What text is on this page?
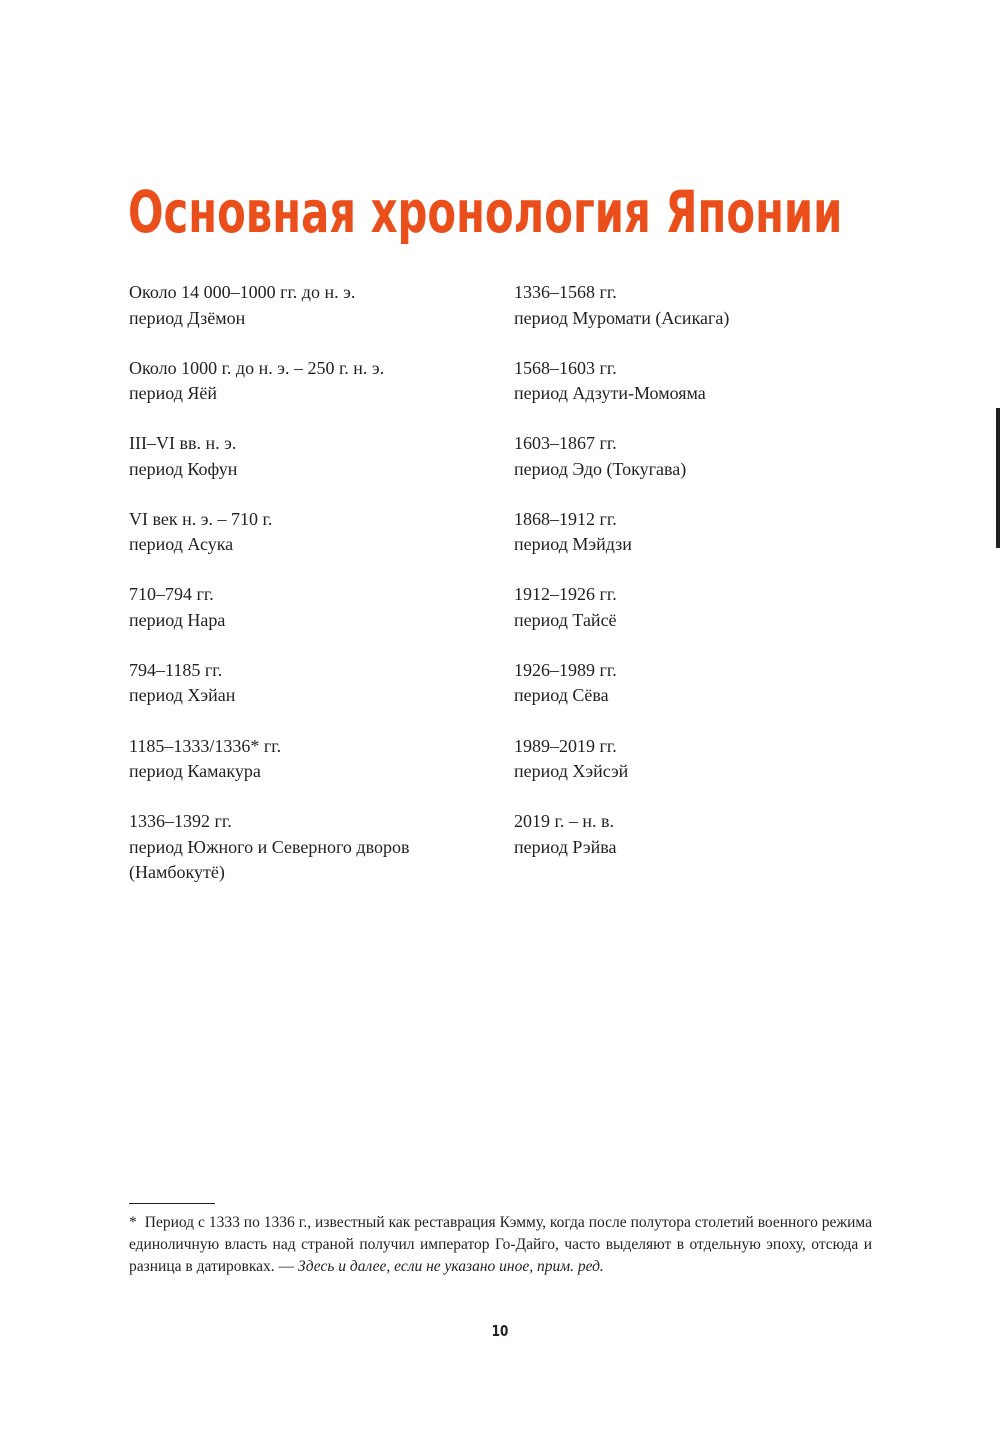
Основная хронология Японии
Около 14 000–1000 гг. до н. э.
период Дзёмон
Около 1000 г. до н. э. – 250 г. н. э.
период Яёй
III–VI вв. н. э.
период Кофун
VI век н. э. – 710 г.
период Асука
710–794 гг.
период Нара
794–1185 гг.
период Хэйан
1185–1333/1336* гг.
период Камакура
1336–1392 гг.
период Южного и Северного дворов
(Намбокутё)
1336–1568 гг.
период Муромати (Асикага)
1568–1603 гг.
период Адзути-Момояма
1603–1867 гг.
период Эдо (Токугава)
1868–1912 гг.
период Мэйдзи
1912–1926 гг.
период Тайсё
1926–1989 гг.
период Сёва
1989–2019 гг.
период Хэйсэй
2019 г. – н. в.
период Рэйва

* Период с 1333 по 1336 г., известный как реставрация Кэмму, когда после полутора столетий военного режима единоличную власть над страной получил император Го-Дайго, часто выделяют в отдельную эпоху, отсюда и разница в датировках. — Здесь и далее, если не указано иное, прим. ред.

10
